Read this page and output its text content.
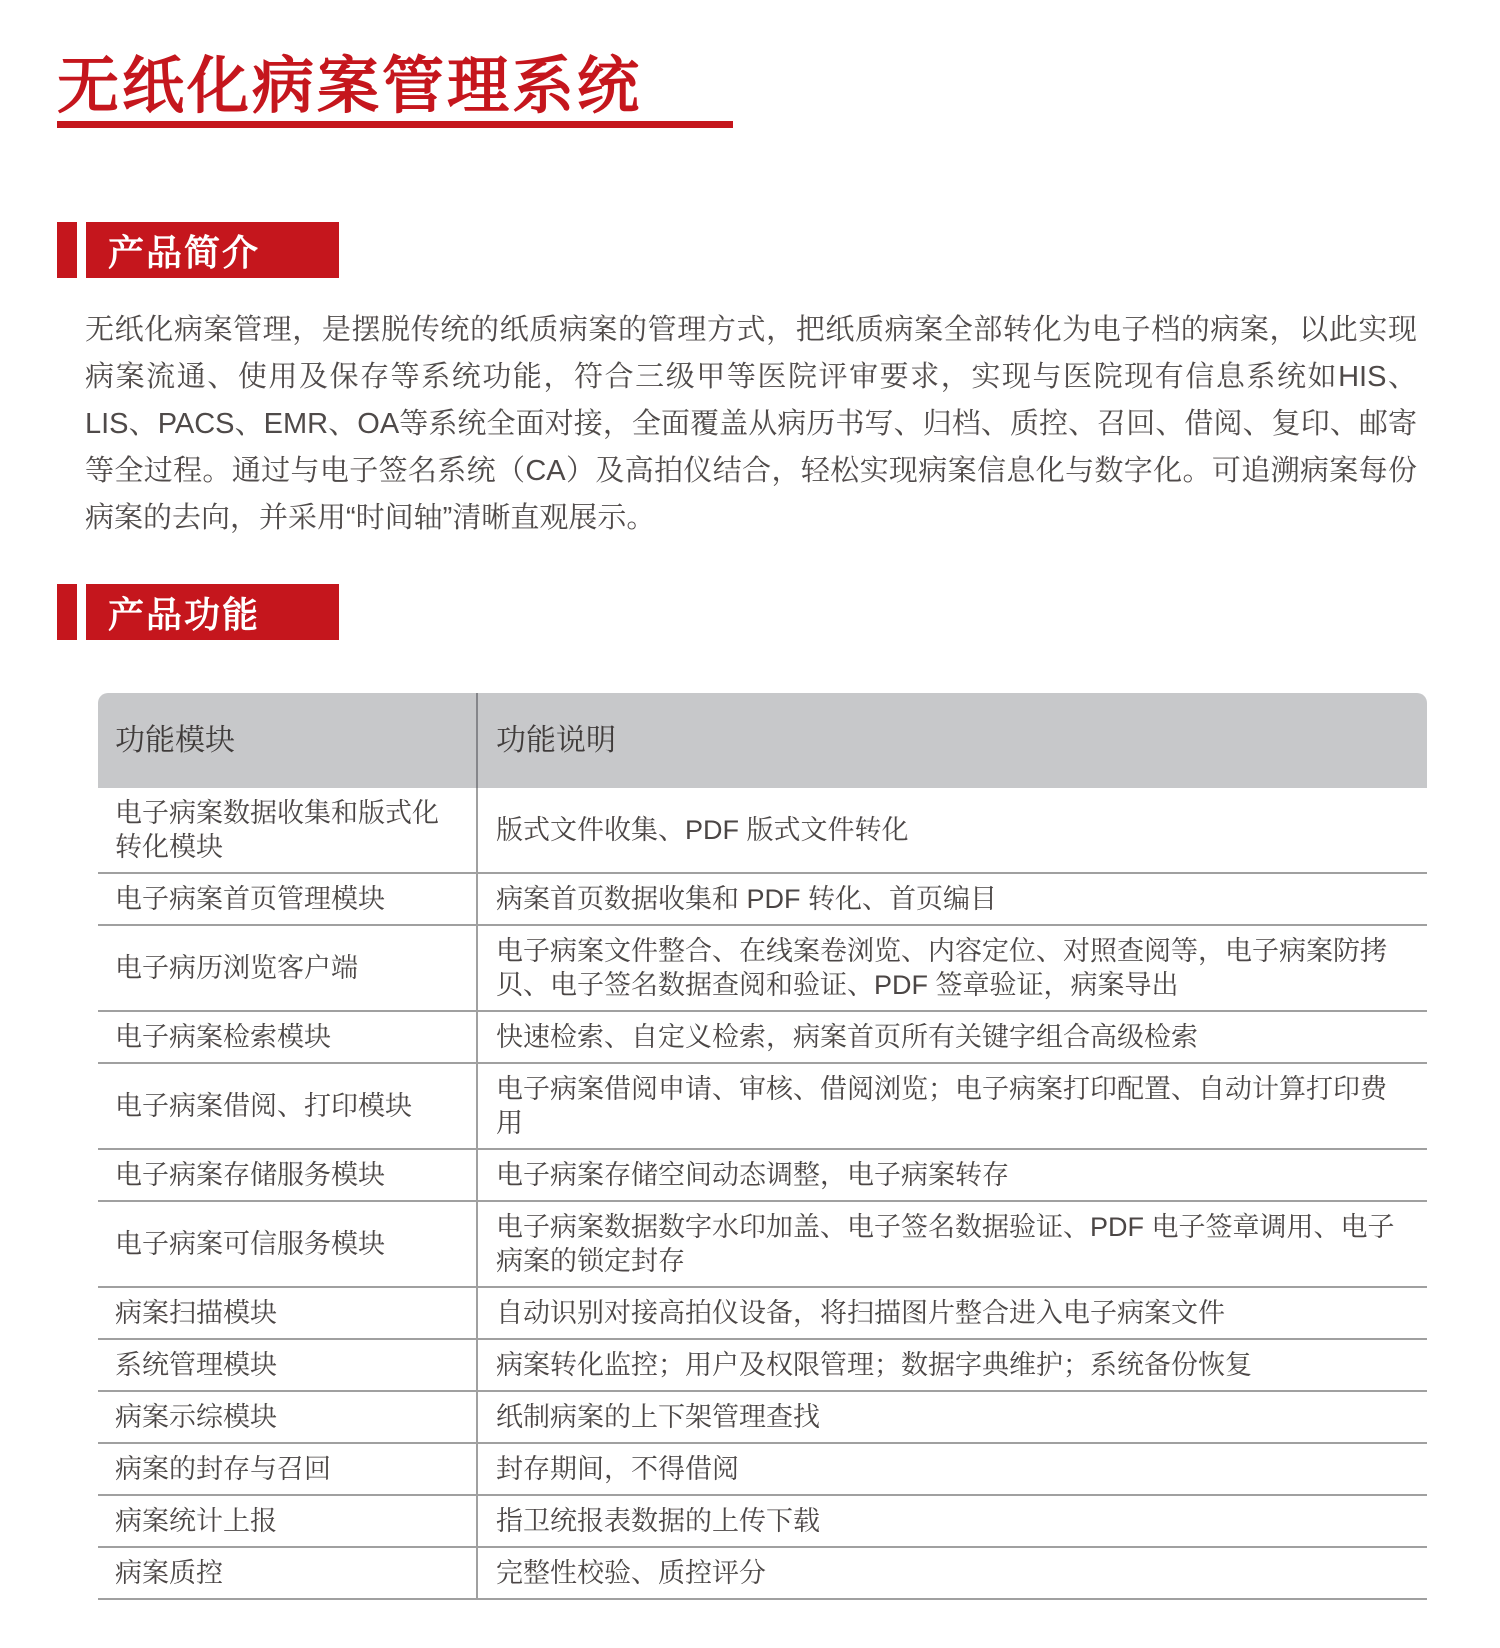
无纸化病案管理系统
产品简介

无纸化病案管理，是摆脱传统的纸质病案的管理方式，把纸质病案全部转化为电子档的病案，以此实现病案流通、使用及保存等系统功能，符合三级甲等医院评审要求，实现与医院现有信息系统如HIS、LIS、PACS、EMR、OA等系统全面对接，全面覆盖从病历书写、归档、质控、召回、借阅、复印、邮寄等全过程。通过与电子签名系统（CA）及高拍仪结合，轻松实现病案信息化与数字化。可追溯病案每份病案的去向，并采用“时间轴”清晰直观展示。

产品功能
功能模块	功能说明
电子病案数据收集和版式化转化模块	版式文件收集、PDF 版式文件转化
电子病案首页管理模块	病案首页数据收集和 PDF 转化、首页编目
电子病历浏览客户端	电子病案文件整合、在线案卷浏览、内容定位、对照查阅等，电子病案防拷贝、电子签名数据查阅和验证、PDF 签章验证，病案导出
电子病案检索模块	快速检索、自定义检索，病案首页所有关键字组合高级检索
电子病案借阅、打印模块	电子病案借阅申请、审核、借阅浏览；电子病案打印配置、自动计算打印费用
电子病案存储服务模块	电子病案存储空间动态调整，电子病案转存
电子病案可信服务模块	电子病案数据数字水印加盖、电子签名数据验证、PDF 电子签章调用、电子病案的锁定封存
病案扫描模块	自动识别对接高拍仪设备，将扫描图片整合进入电子病案文件
系统管理模块	病案转化监控；用户及权限管理；数据字典维护；系统备份恢复
病案示综模块	纸制病案的上下架管理查找
病案的封存与召回	封存期间，不得借阅
病案统计上报	指卫统报表数据的上传下载
病案质控	完整性校验、质控评分
